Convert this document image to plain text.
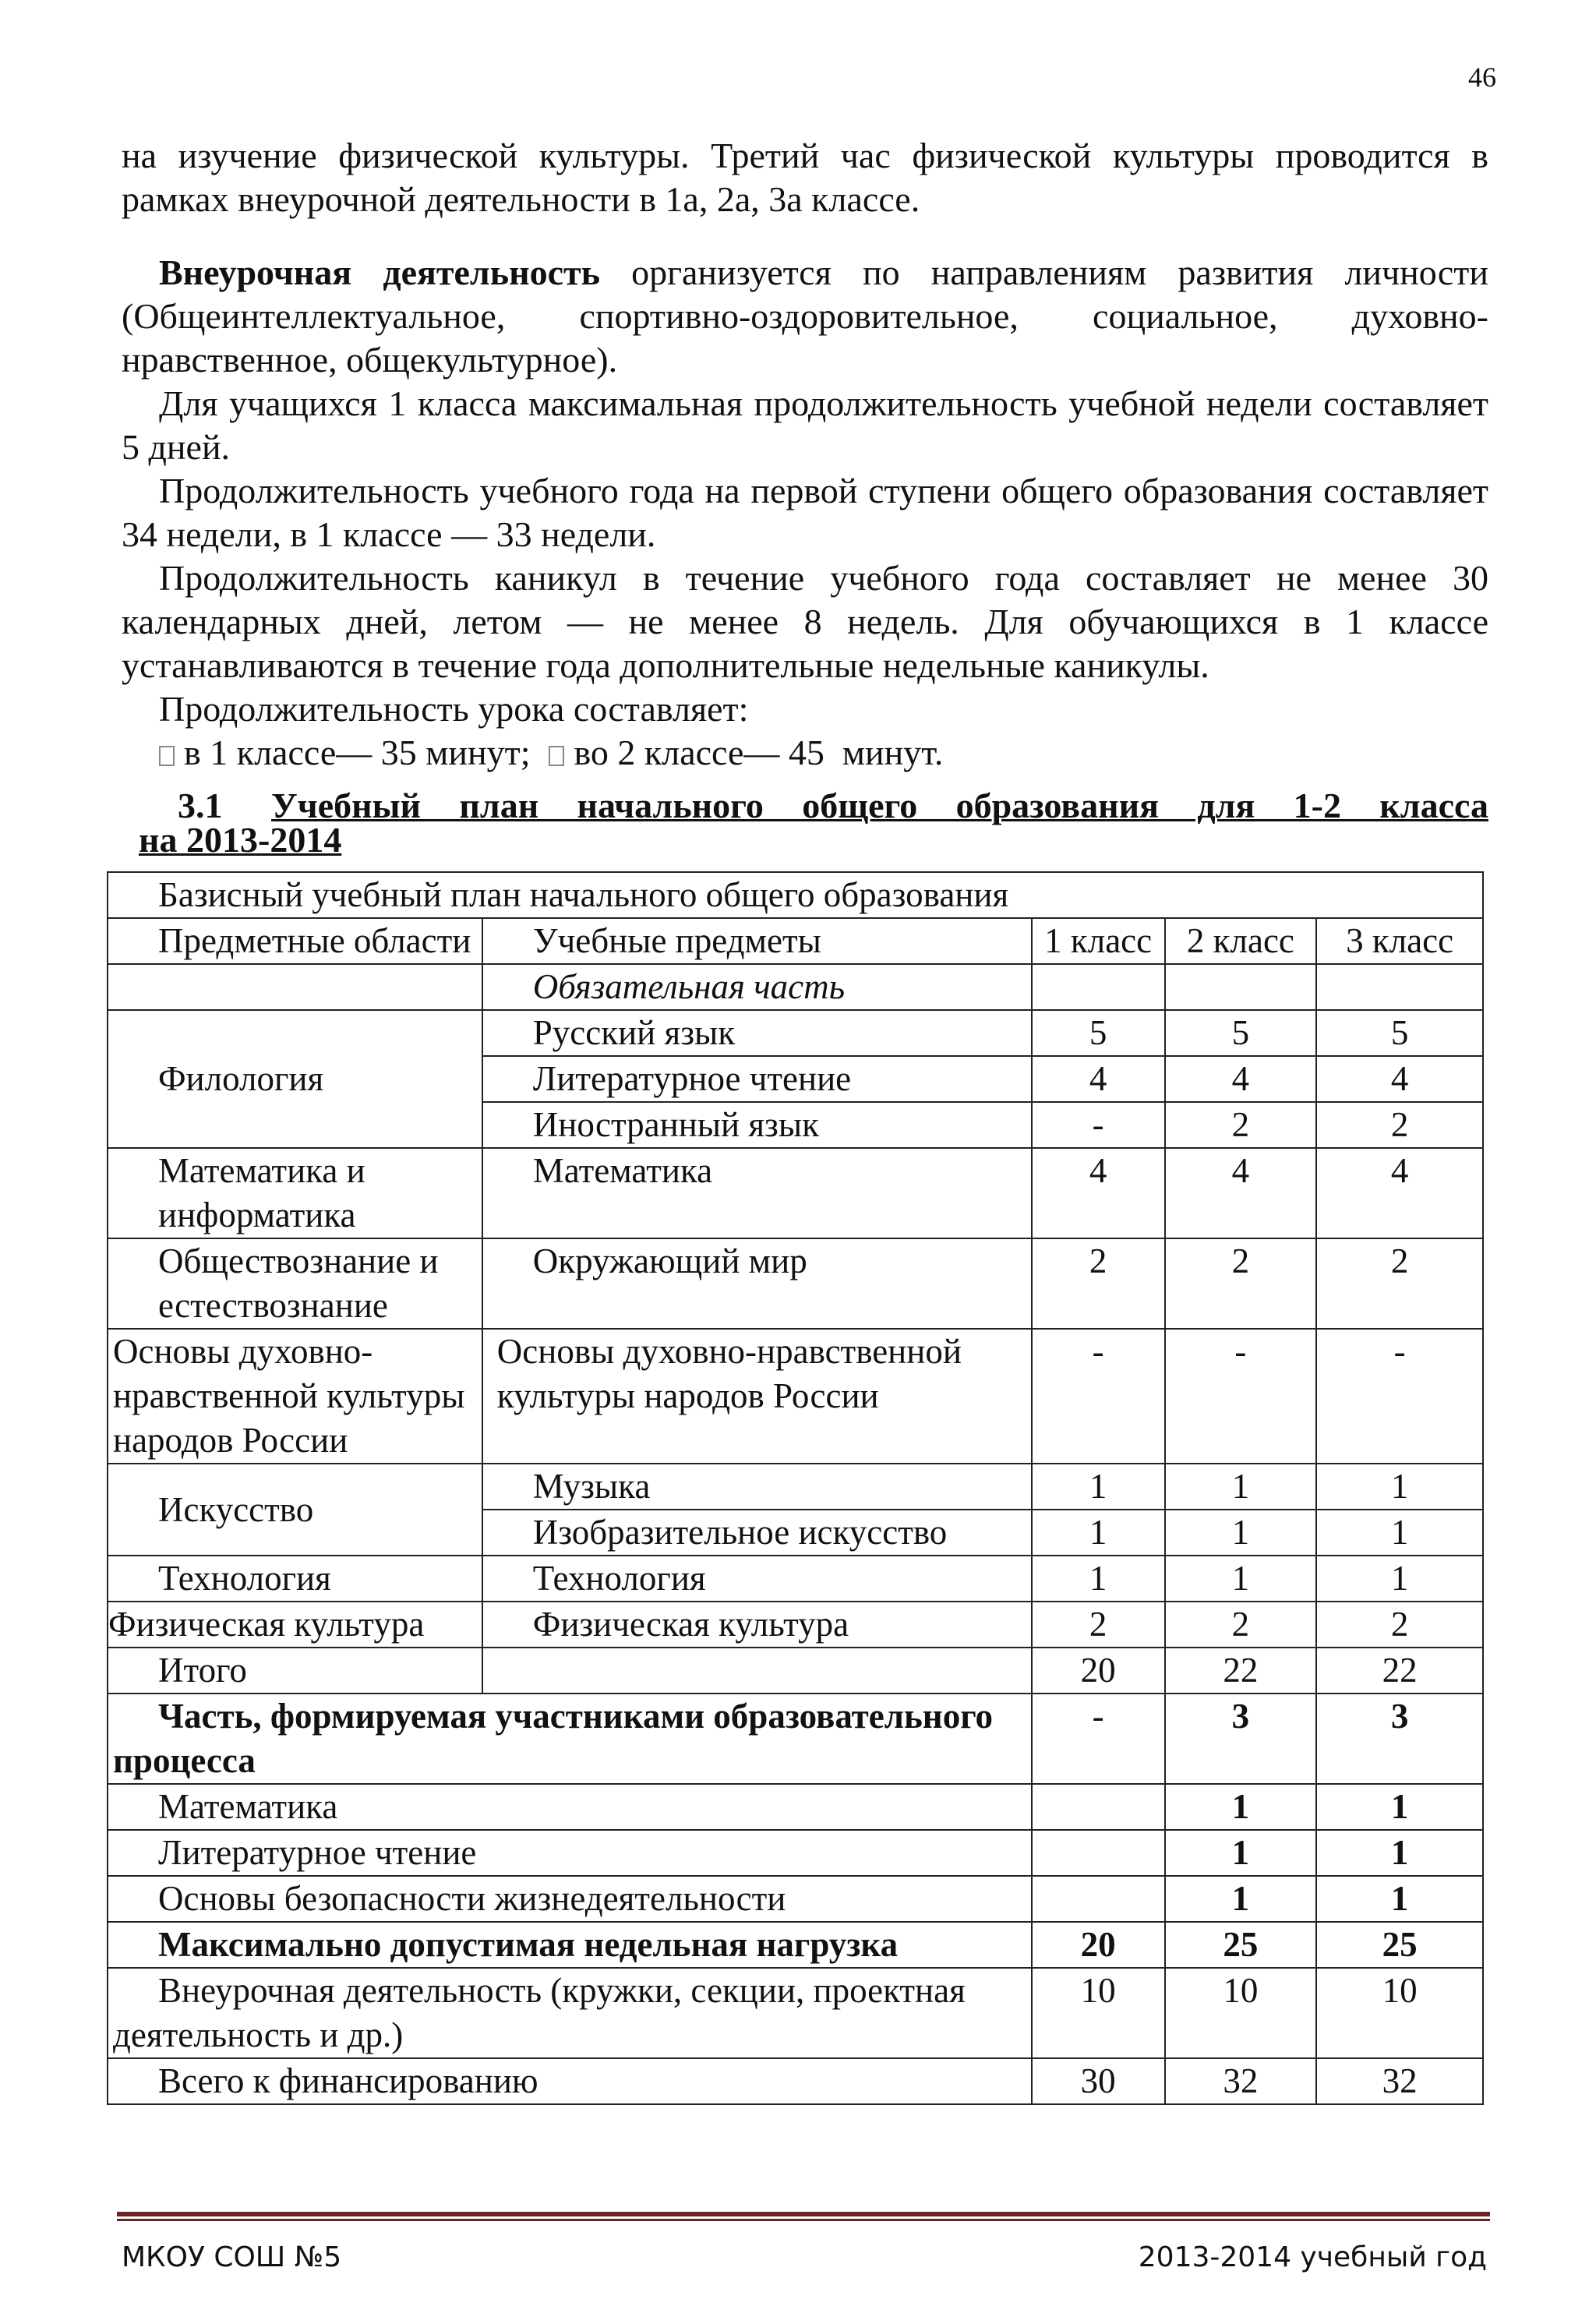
46

на изучение физической культуры. Третий час физической культуры проводится в рамках внеурочной деятельности в 1а, 2а, 3а классе.

Внеурочная деятельность организуется по направлениям развития личности (Общеинтеллектуальное, спортивно-оздоровительное, социальное, духовно-нравственное, общекультурное).

Для учащихся 1 класса максимальная продолжительность учебной недели составляет 5 дней.

Продолжительность учебного года на первой ступени общего образования составляет 34 недели, в 1 классе — 33 недели.

Продолжительность каникул в течение учебного года составляет не менее 30 календарных дней, летом — не менее 8 недель. Для обучающихся в 1 классе устанавливаются в течение года дополнительные недельные каникулы.

Продолжительность урока составляет:

в 1 классе— 35 минут; во 2 классе— 45  минут.

3.1	Учебный план начального общего образования для 1-2 класса
на 2013-2014
Базисный учебный план начального общего образования				
Предметные области	Учебные предметы	1 класс	2 класс	3 класс
	Обязательная часть			
Филология	Русский язык	5	5	5
	Литературное чтение	4	4	4
	Иностранный язык	-	2	2
Математика и информатика	Математика	4	4	4
Обществознание и естествознание	Окружающий мир	2	2	2
Основы духовно-нравственной культуры народов России	Основы духовно-нравственной культуры народов России	-	-	-
Искусство	Музыка	1	1	1
	Изобразительное искусство	1	1	1
Технология	Технология	1	1	1
Физическая культура	Физическая культура	2	2	2
Итого		20	22	22
Часть, формируемая участниками образовательного процесса		-	3	3
Математика			1	1
Литературное чтение			1	1
Основы безопасности жизнедеятельности			1	1
Максимально допустимая недельная нагрузка		20	25	25
Внеурочная деятельность (кружки, секции, проектная деятельность и др.)		10	10	10
Всего к финансированию		30	32	32
МКОУ СОШ №5	2013-2014 учебный год
